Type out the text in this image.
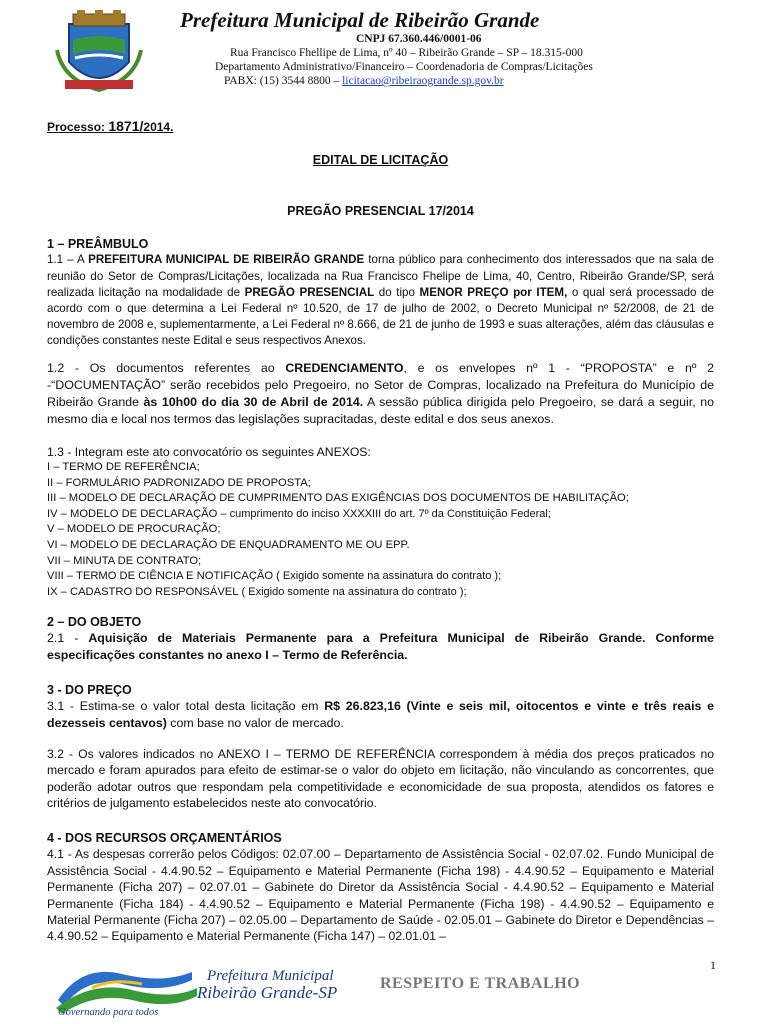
Prefeitura Municipal de Ribeirão Grande
CNPJ 67.360.446/0001-06
Rua Francisco Fhellipe de Lima, nº 40 – Ribeirão Grande – SP – 18.315-000
Departamento Administrativo/Financeiro – Coordenadoria de Compras/Licitações
PABX: (15) 3544 8800 – licitacao@ribeiraogrande.sp.gov.br

Processo: 1871/2014.

EDITAL DE LICITAÇÃO
PREGÃO PRESENCIAL 17/2014

1 – PREÂMBULO

1.1 – A PREFEITURA MUNICIPAL DE RIBEIRÃO GRANDE torna público para conhecimento dos interessados que na sala de reunião do Setor de Compras/Licitações, localizada na Rua Francisco Fhelipe de Lima, 40, Centro, Ribeirão Grande/SP, será realizada licitação na modalidade de PREGÃO PRESENCIAL do tipo MENOR PREÇO por ITEM, o qual será processado de acordo com o que determina a Lei Federal nº 10.520, de 17 de julho de 2002, o Decreto Municipal nº 52/2008, de 21 de novembro de 2008 e, suplementarmente, a Lei Federal nº 8.666, de 21 de junho de 1993 e suas alterações, além das cláusulas e condições constantes neste Edital e seus respectivos Anexos.

1.2 - Os documentos referentes ao CREDENCIAMENTO, e os envelopes nº 1 - “PROPOSTA” e nº 2 -“DOCUMENTAÇÃO” serão recebidos pelo Pregoeiro, no Setor de Compras, localizado na Prefeitura do Município de Ribeirão Grande às 10h00 do dia 30 de Abril de 2014. A sessão pública dirigida pelo Pregoeiro, se dará a seguir, no mesmo dia e local nos termos das legislações supracitadas, deste edital e dos seus anexos.

1.3 - Integram este ato convocatório os seguintes ANEXOS:

I – TERMO DE REFERÊNCIA;

II – FORMULÁRIO PADRONIZADO DE PROPOSTA;

III – MODELO DE DECLARAÇÃO DE CUMPRIMENTO DAS EXIGÊNCIAS DOS DOCUMENTOS DE HABILITAÇÃO;

IV – MODELO DE DECLARAÇÃO – cumprimento do inciso XXXXIII do art. 7º da Constituição Federal;

V – MODELO DE PROCURAÇÃO;

VI – MODELO DE DECLARAÇÃO DE ENQUADRAMENTO ME OU EPP.

VII – MINUTA DE CONTRATO;

VIII – TERMO DE CIÊNCIA E NOTIFICAÇÃO ( Exigido somente na assinatura do contrato );

IX – CADASTRO DO RESPONSÁVEL ( Exigido somente na assinatura do contrato );

2 – DO OBJETO

2.1 - Aquisição de Materiais Permanente para a Prefeitura Municipal de Ribeirão Grande. Conforme especificações constantes no anexo I – Termo de Referência.

3 - DO PREÇO

3.1 - Estima-se o valor total desta licitação em R$ 26.823,16 (Vinte e seis mil, oitocentos e vinte e três reais e dezesseis centavos) com base no valor de mercado.

3.2 - Os valores indicados no ANEXO I – TERMO DE REFERÊNCIA correspondem à média dos preços praticados no mercado e foram apurados para efeito de estimar-se o valor do objeto em licitação, não vinculando as concorrentes, que poderão adotar outros que respondam pela competitividade e economicidade de sua proposta, atendidos os fatores e critérios de julgamento estabelecidos neste ato convocatório.

4 - DOS RECURSOS ORÇAMENTÁRIOS

4.1 - As despesas correrão pelos Códigos: 02.07.00 – Departamento de Assistência Social - 02.07.02. Fundo Municipal de Assistência Social - 4.4.90.52 – Equipamento e Material Permanente (Ficha 198) - 4.4.90.52 – Equipamento e Material Permanente (Ficha 207) – 02.07.01 – Gabinete do Diretor da Assistência Social - 4.4.90.52 – Equipamento e Material Permanente (Ficha 184) - 4.4.90.52 – Equipamento e Material Permanente (Ficha 198) - 4.4.90.52 – Equipamento e Material Permanente (Ficha 207) – 02.05.00 – Departamento de Saúde - 02.05.01 – Gabinete do Diretor e Dependências – 4.4.90.52 – Equipamento e Material Permanente (Ficha 147) – 02.01.01 –

1
Prefeitura Municipal
Ribeirão Grande-SP
Governando para todos
RESPEITO E TRABALHO
